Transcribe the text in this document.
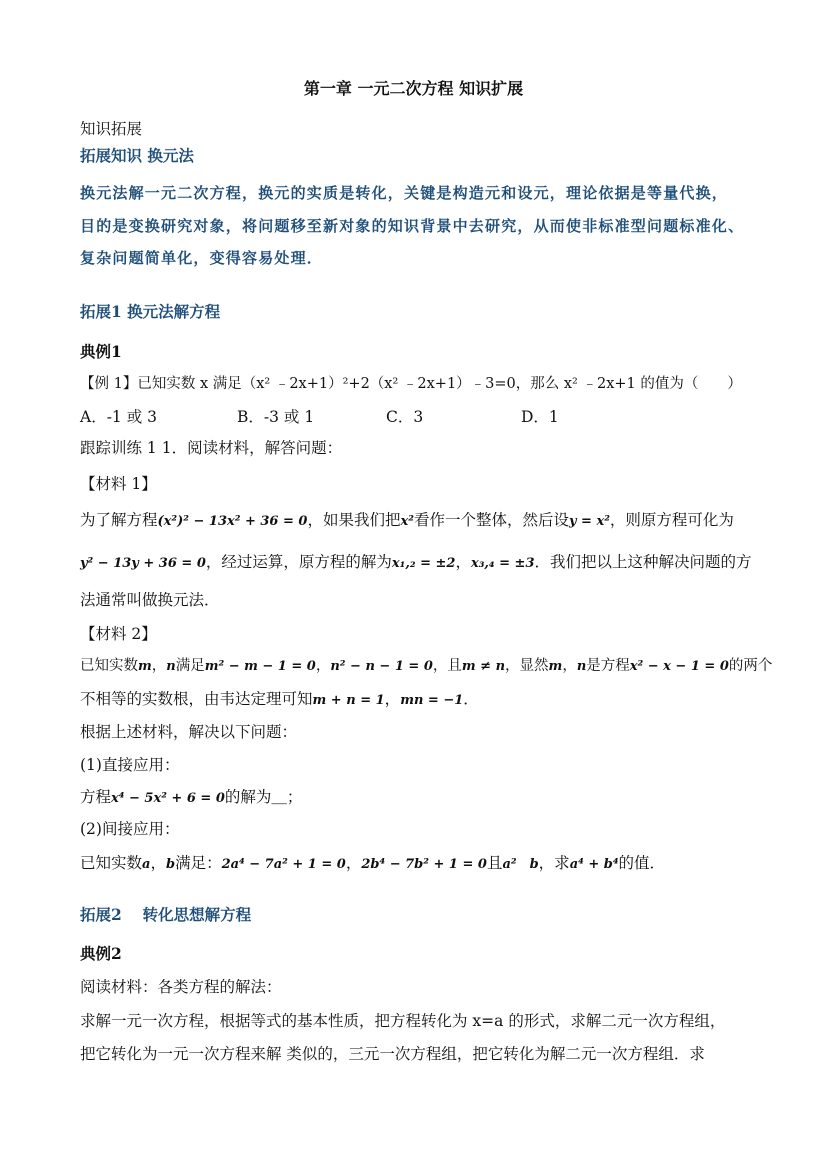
第一章 一元二次方程 知识扩展
知识拓展
拓展知识 换元法
换元法解一元二次方程，换元的实质是转化，关键是构造元和设元，理论依据是等量代换，
目的是变换研究对象，将问题移至新对象的知识背景中去研究，从而使非标准型问题标准化、
复杂问题简单化，变得容易处理．
拓展1 换元法解方程
典例1
【例 1】已知实数 x 满足（x² ﹣2x+1）²+2（x² ﹣2x+1）﹣3=0，那么 x² ﹣2x+1 的值为（　　）
A．-1 或 3	B．-3 或 1	C．3	D．1
跟踪训练 1 1．阅读材料，解答问题：
【材料 1】
为了解方程(x²)² − 13x² + 36 = 0，如果我们把x²看作一个整体，然后设y = x²，则原方程可化为
y² − 13y + 36 = 0，经过运算，原方程的解为x₁,₂ = ±2，x₃,₄ = ±3．我们把以上这种解决问题的方
法通常叫做换元法．
【材料 2】
已知实数m，n满足m² − m − 1 = 0，n² − n − 1 = 0，且m ≠ n，显然m，n是方程x² − x − 1 = 0的两个
不相等的实数根，由韦达定理可知m + n = 1，mn = −1．
根据上述材料，解决以下问题：
(1)直接应用：
方程x⁴ − 5x² + 6 = 0的解为＿；
(2)间接应用：
已知实数a，b满足：2a⁴ − 7a² + 1 = 0，2b⁴ − 7b² + 1 = 0且a²　b，求a⁴ + b⁴的值．
拓展2　 转化思想解方程
典例2
阅读材料：各类方程的解法：
求解一元一次方程，根据等式的基本性质，把方程转化为 x=a 的形式，求解二元一次方程组，
把它转化为一元一次方程来解 类似的，三元一次方程组，把它转化为解二元一次方程组．求
